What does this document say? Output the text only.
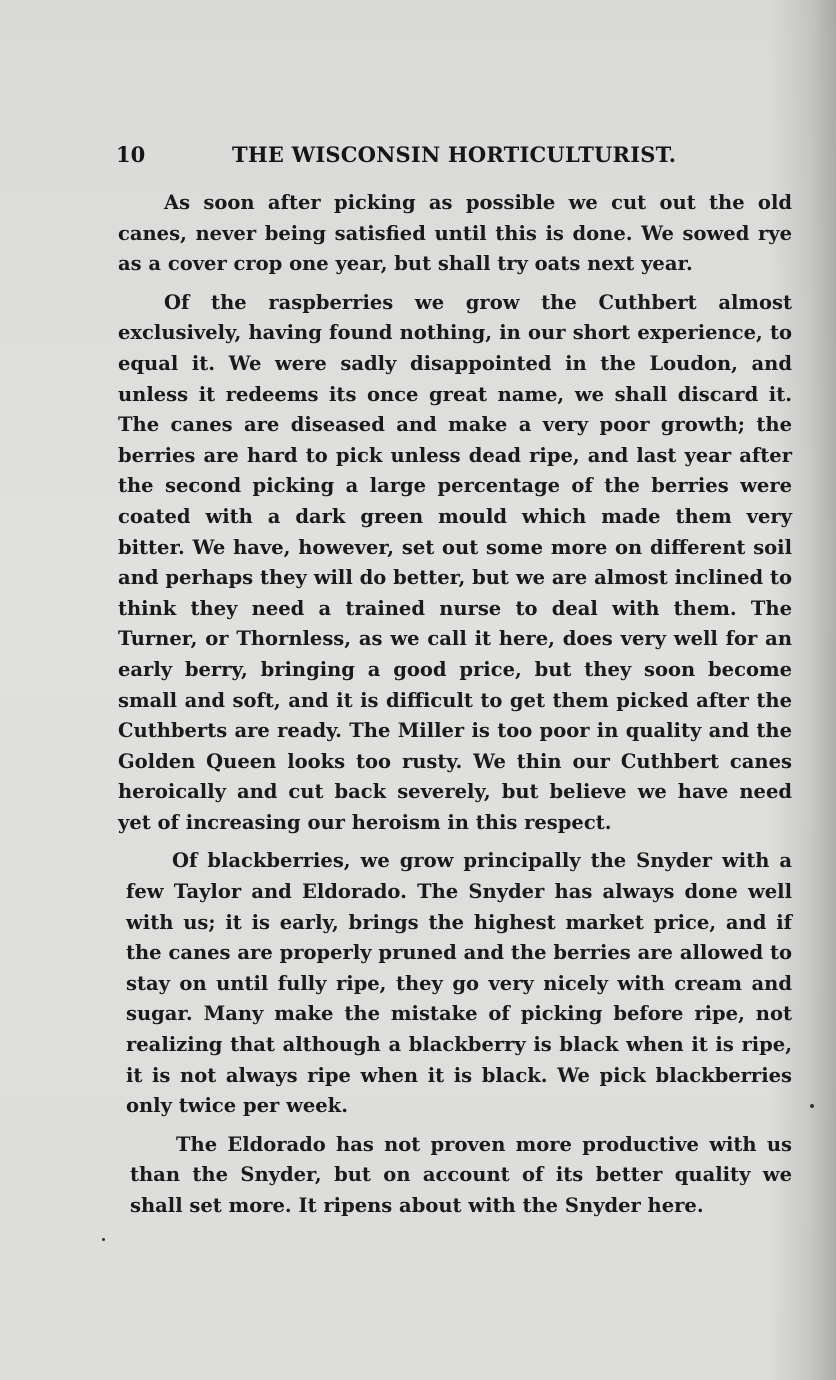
10	THE WISCONSIN HORTICULTURIST.

As soon after picking as possible we cut out the old canes, never being satisfied until this is done. We sowed rye as a cover crop one year, but shall try oats next year.

Of the raspberries we grow the Cuthbert almost exclusively, having found nothing, in our short experience, to equal it. We were sadly disappointed in the Loudon, and unless it redeems its once great name, we shall discard it. The canes are diseased and make a very poor growth; the berries are hard to pick unless dead ripe, and last year after the second picking a large percentage of the berries were coated with a dark green mould which made them very bitter. We have, however, set out some more on different soil and perhaps they will do better, but we are almost inclined to think they need a trained nurse to deal with them. The Turner, or Thornless, as we call it here, does very well for an early berry, bringing a good price, but they soon become small and soft, and it is difficult to get them picked after the Cuthberts are ready. The Miller is too poor in quality and the Golden Queen looks too rusty. We thin our Cuthbert canes heroically and cut back severely, but believe we have need yet of increasing our heroism in this respect.

Of blackberries, we grow principally the Snyder with a few Taylor and Eldorado. The Snyder has always done well with us; it is early, brings the highest market price, and if the canes are properly pruned and the berries are allowed to stay on until fully ripe, they go very nicely with cream and sugar. Many make the mistake of picking before ripe, not realizing that although a blackberry is black when it is ripe, it is not always ripe when it is black. We pick blackberries only twice per week.

The Eldorado has not proven more productive with us than the Snyder, but on account of its better quality we shall set more. It ripens about with the Snyder here.
